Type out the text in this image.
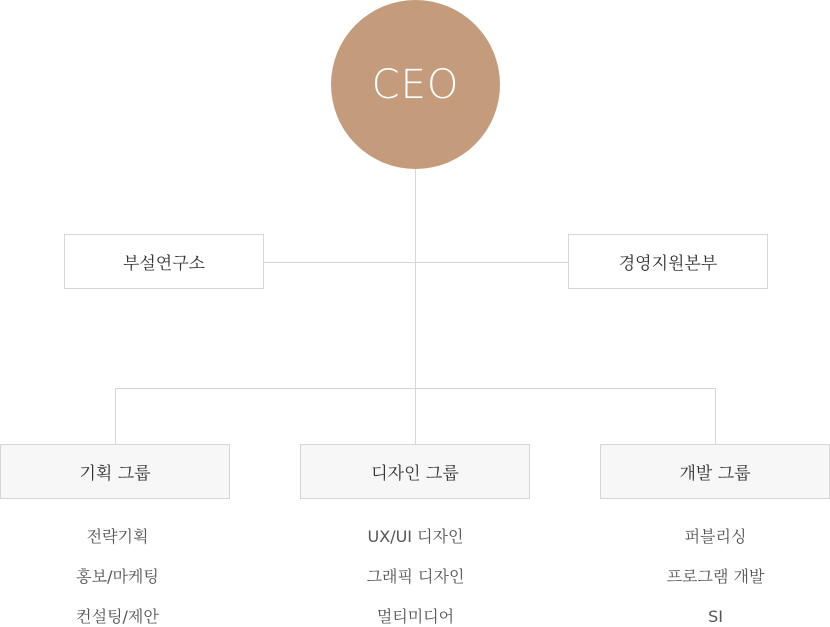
CEO
부설연구소	경영지원본부
기획 그룹	디자인 그룹	개발 그룹
전략기획
홍보/마케팅
컨설팅/제안
UX/UI 디자인
그래픽 디자인
멀티미디어
퍼블리싱
프로그램 개발
SI
